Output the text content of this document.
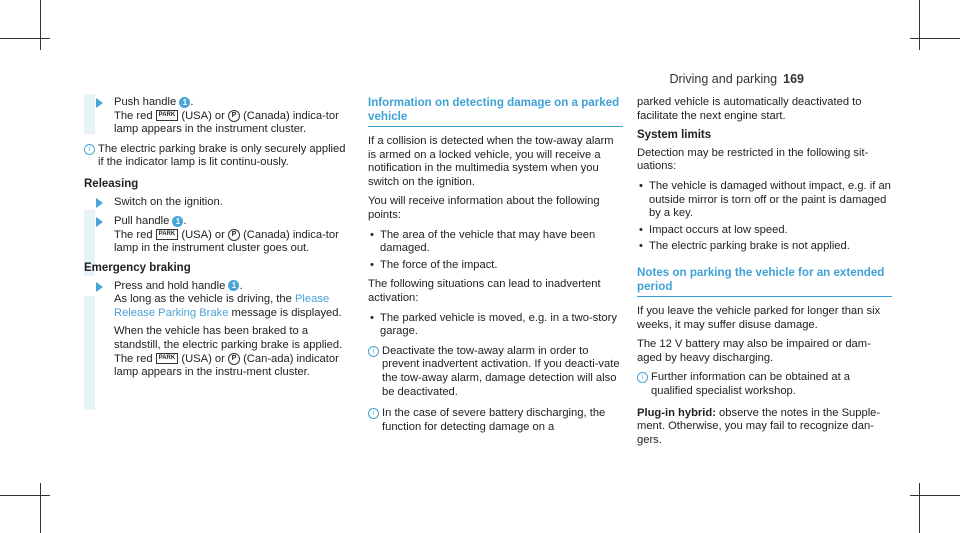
Driving and parking 169
Push handle 1 .
The red PARK (USA) or P (Canada) indica-tor lamp appears in the instrument cluster.
i The electric parking brake is only securely applied if the indicator lamp is lit continu-ously.
Releasing
Switch on the ignition.
Pull handle 1 .
The red PARK (USA) or P (Canada) indica-tor lamp in the instrument cluster goes out.
Emergency braking
Press and hold handle 1 .
As long as the vehicle is driving, the Please Release Parking Brake message is displayed.
When the vehicle has been braked to a standstill, the electric parking brake is applied. The red PARK (USA) or P (Can-ada) indicator lamp appears in the instru-ment cluster.
Information on detecting damage on a parked vehicle

If a collision is detected when the tow-away alarm is armed on a locked vehicle, you will receive a notification in the multimedia system when you switch on the ignition.

You will receive information about the following points:

• The area of the vehicle that may have been damaged.
• The force of the impact.

The following situations can lead to inadvertent activation:

• The parked vehicle is moved, e.g. in a two-story garage.
i Deactivate the tow-away alarm in order to prevent inadvertent activation. If you deacti-vate the tow-away alarm, damage detection will also be deactivated.
i In the case of severe battery discharging, the function for detecting damage on a

parked vehicle is automatically deactivated to facilitate the next engine start.

System limits

Detection may be restricted in the following sit-uations:

• The vehicle is damaged without impact, e.g. if an outside mirror is torn off or the paint is damaged by a key.
• Impact occurs at low speed.
• The electric parking brake is not applied.
Notes on parking the vehicle for an extended period

If you leave the vehicle parked for longer than six weeks, it may suffer disuse damage.

The 12 V battery may also be impaired or dam-aged by heavy discharging.

i Further information can be obtained at a qualified specialist workshop.

Plug-in hybrid: observe the notes in the Supple-ment. Otherwise, you may fail to recognize dan-gers.
